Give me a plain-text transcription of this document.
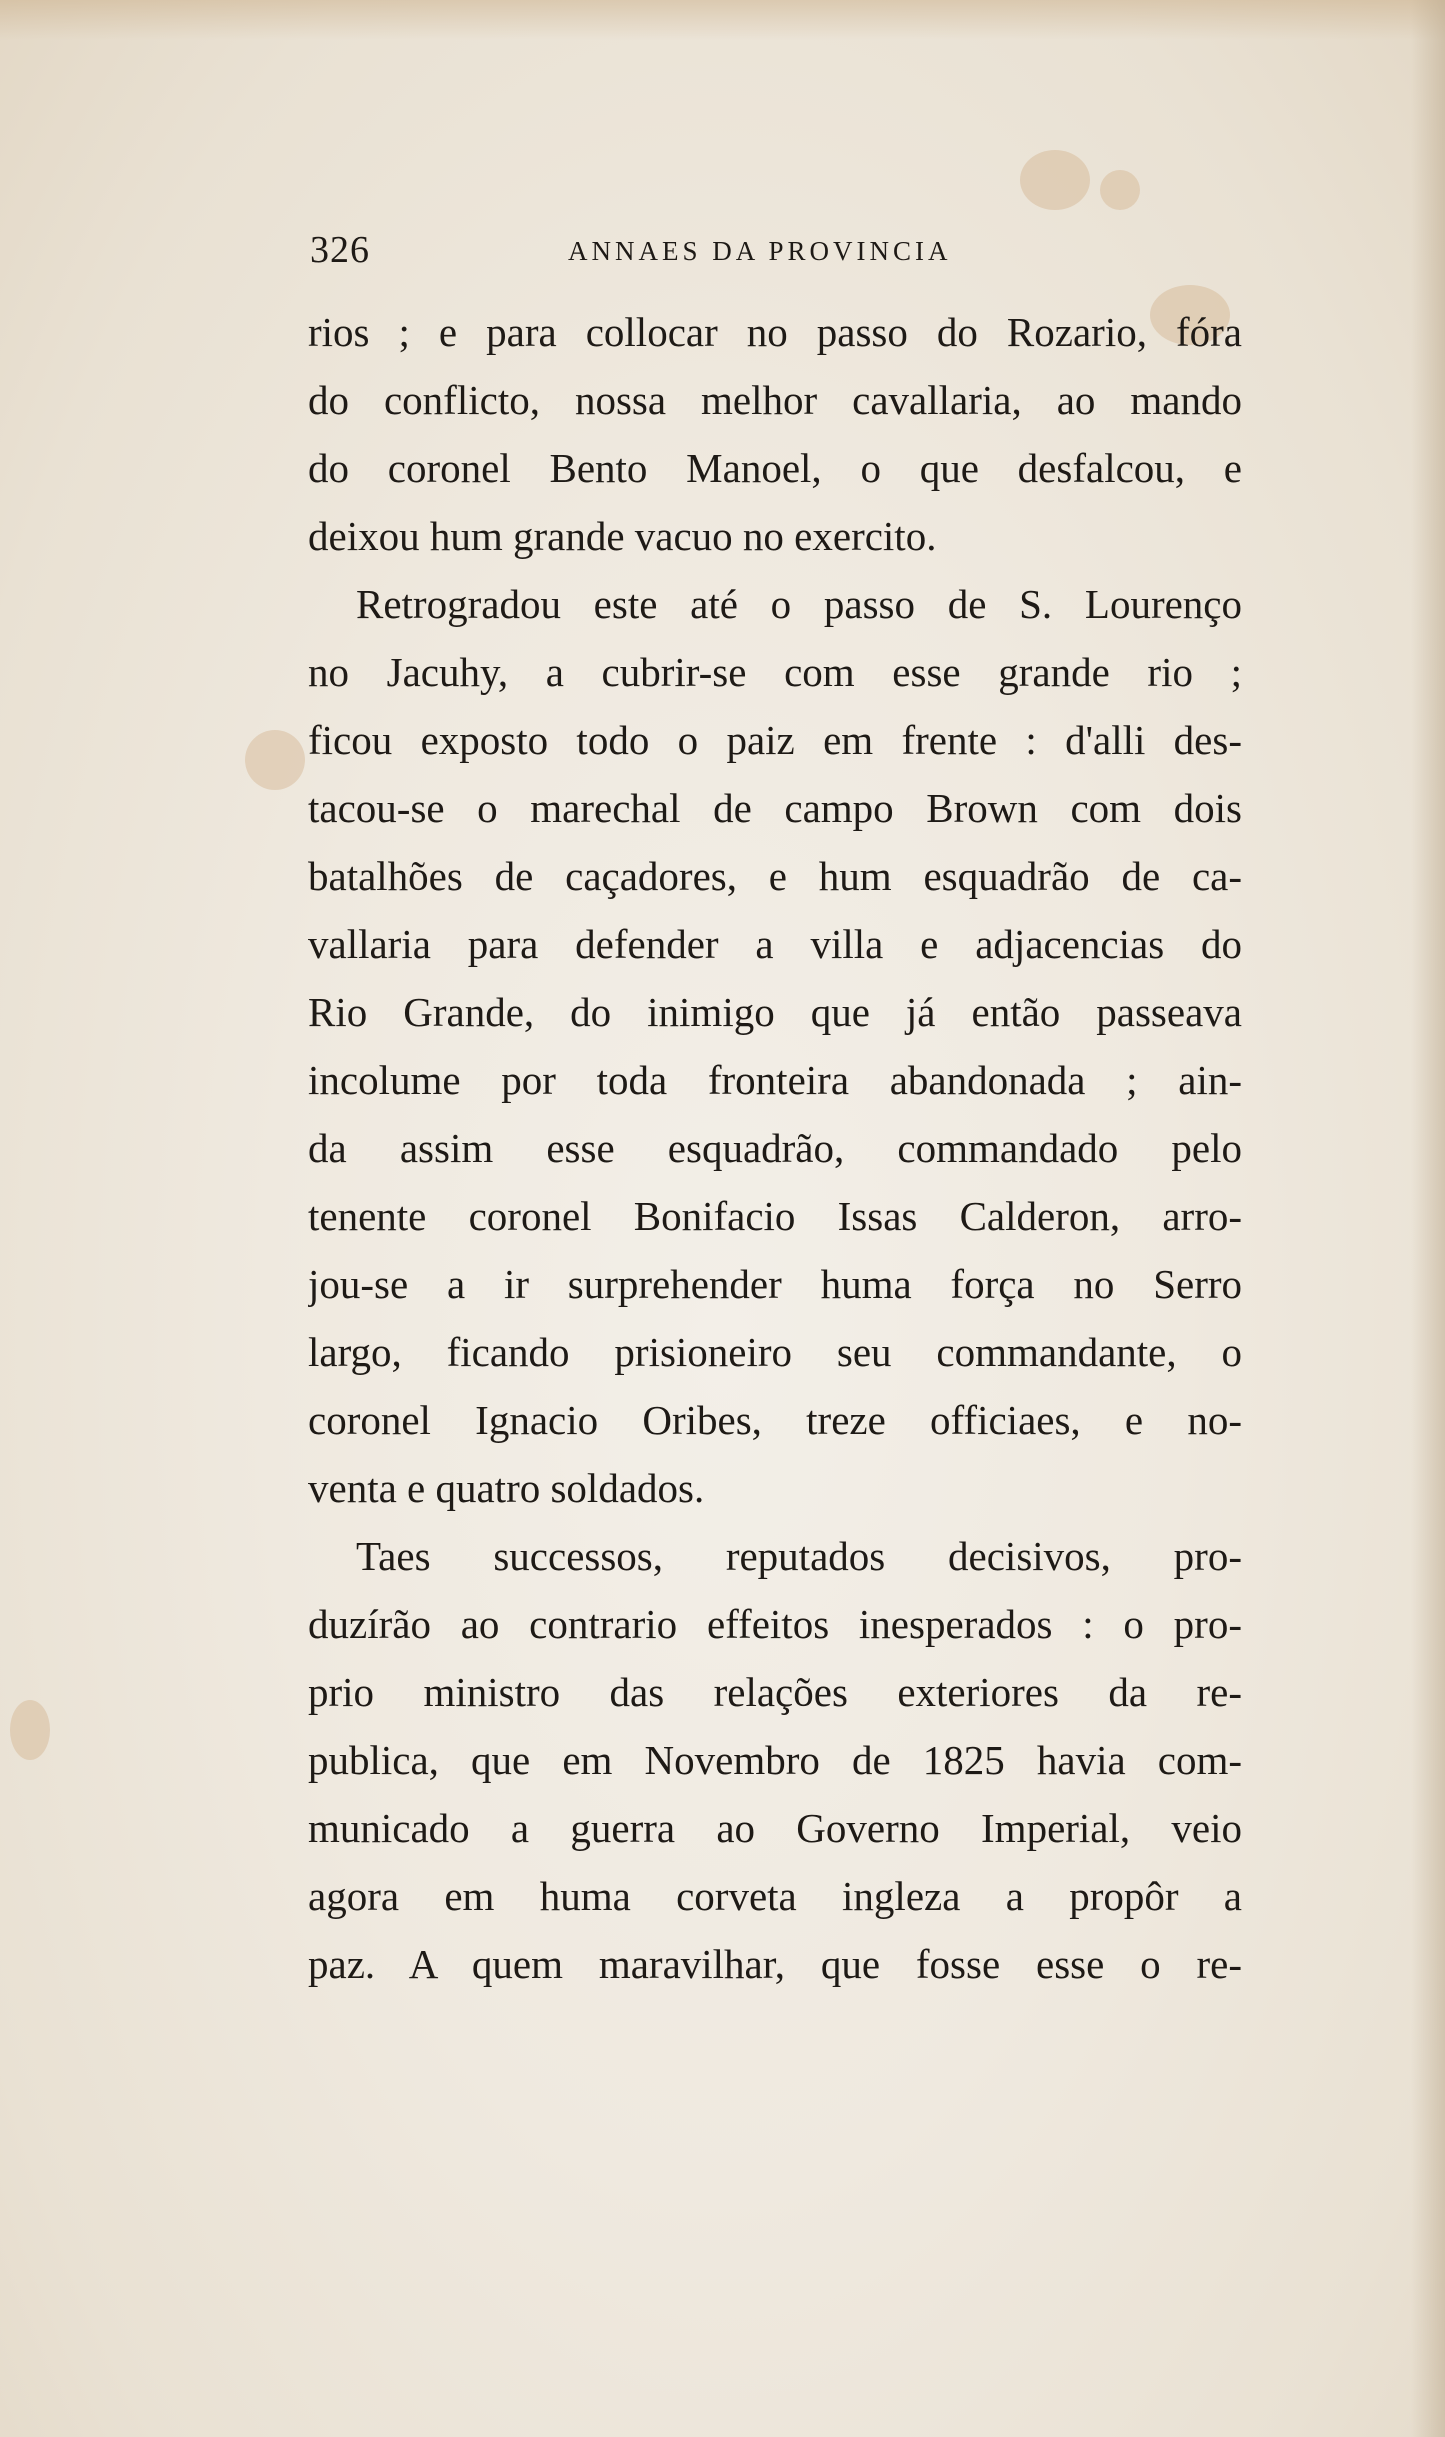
326	ANNAES DA PROVINCIA
rios ; e para collocar no passo do Rozario, fóra
do conflicto, nossa melhor cavallaria, ao mando
do coronel Bento Manoel, o que desfalcou, e
deixou hum grande vacuo no exercito.
Retrogradou este até o passo de S. Lourenço
no Jacuhy, a cubrir-se com esse grande rio ;
ficou exposto todo o paiz em frente : d'alli des-
tacou-se o marechal de campo Brown com dois
batalhões de caçadores, e hum esquadrão de ca-
vallaria para defender a villa e adjacencias do
Rio Grande, do inimigo que já então passeava
incolume por toda fronteira abandonada ; ain-
da assim esse esquadrão, commandado pelo
tenente coronel Bonifacio Issas Calderon, arro-
jou-se a ir surprehender huma força no Serro
largo, ficando prisioneiro seu commandante, o
coronel Ignacio Oribes, treze officiaes, e no-
venta e quatro soldados.
Taes successos, reputados decisivos, pro-
duzírão ao contrario effeitos inesperados : o pro-
prio ministro das relações exteriores da re-
publica, que em Novembro de 1825 havia com-
municado a guerra ao Governo Imperial, veio
agora em huma corveta ingleza a propôr a
paz. A quem maravilhar, que fosse esse o re-
